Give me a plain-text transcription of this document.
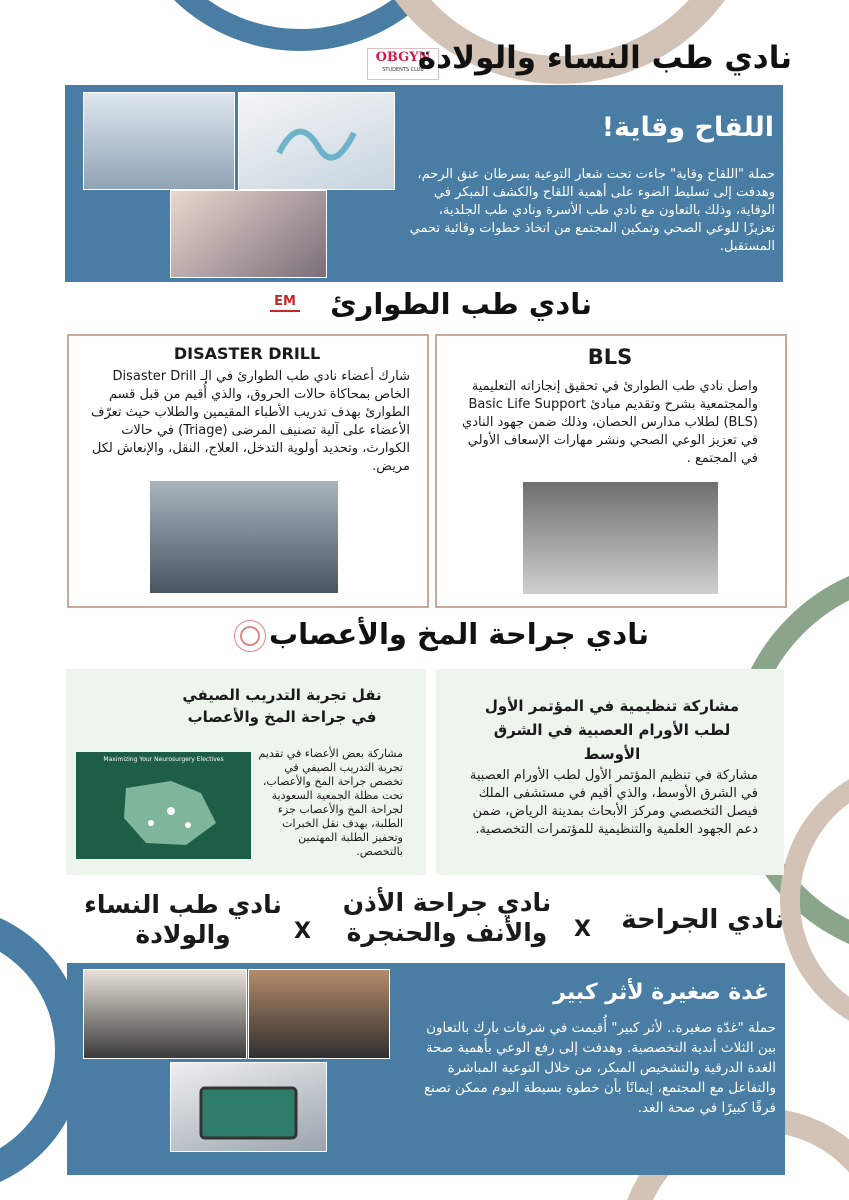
OBGYN
STUDENTS CLUB
نادي طب النساء والولادة
اللقاح وقاية!
حملة "اللقاح وقاية" جاءت تحت شعار التوعية بسرطان عنق الرحم، وهدفت إلى تسليط الضوء على أهمية اللقاح والكشف المبكر في الوقاية، وذلك بالتعاون مع نادي طب الأسرة ونادي طب الجلدية، تعزيزًا للوعي الصحي وتمكين المجتمع من اتخاذ خطوات وقائية تحمي المستقبل.
EM نادي طب الطوارئ
DISASTER DRILL
شارك أعضاء نادي طب الطوارئ في الـ Disaster Drill الخاص بمحاكاة حالات الحروق، والذي أُقيم من قبل قسم الطوارئ بهدف تدريب الأطباء المقيمين والطلاب حيث تعرّف الأعضاء على آلية تصنيف المرضى (Triage) في حالات الكوارث، وتحديد أولوية التدخل، العلاج، النقل، والإنعاش لكل مريض.
BLS
واصل نادي طب الطوارئ في تحقيق إنجازاته التعليمية والمجتمعية بشرح وتقديم مبادئ Basic Life Support (BLS) لطلاب مدارس الحصان، وذلك ضمن جهود النادي في تعزيز الوعي الصحي ونشر مهارات الإسعاف الأولي في المجتمع .
نادي جراحة المخ والأعصاب
نقل تجربة التدريب الصيفي في جراحة المخ والأعصاب
Maximizing Your Neurosurgery Electives	مشاركة بعض الأعضاء في تقديم تجربة التدريب الصيفي في تخصص جراحة المخ والأعصاب، تحت مظلة الجمعية السعودية لجراحة المخ والأعصاب جزء الطلبة، بهدف نقل الخبرات وتحفيز الطلبة المهتمين بالتخصص.
مشاركة تنظيمية في المؤتمر الأول لطب الأورام العصبية في الشرق الأوسط
مشاركة في تنظيم المؤتمر الأول لطب الأورام العصبية في الشرق الأوسط، والذي أقيم في مستشفى الملك فيصل التخصصي ومركز الأبحاث بمدينة الرياض، ضمن دعم الجهود العلمية والتنظيمية للمؤتمرات التخصصية.
نادي الجراحة
X
نادي جراحة الأذن والأنف والحنجرة
X
نادي طب النساء والولادة
غدة صغيرة لأثر كبير
حملة "غدّة صغيرة.. لأثر كبير" أُقيمت في شرفات بارك بالتعاون بين الثلاث أندية التخصصية. وهدفت إلى رفع الوعي بأهمية صحة الغدة الدرقية والتشخيص المبكر، من خلال التوعية المباشرة والتفاعل مع المجتمع، إيمانًا بأن خطوة بسيطة اليوم ممكن تصنع فرقًا كبيرًا في صحة الغد.
